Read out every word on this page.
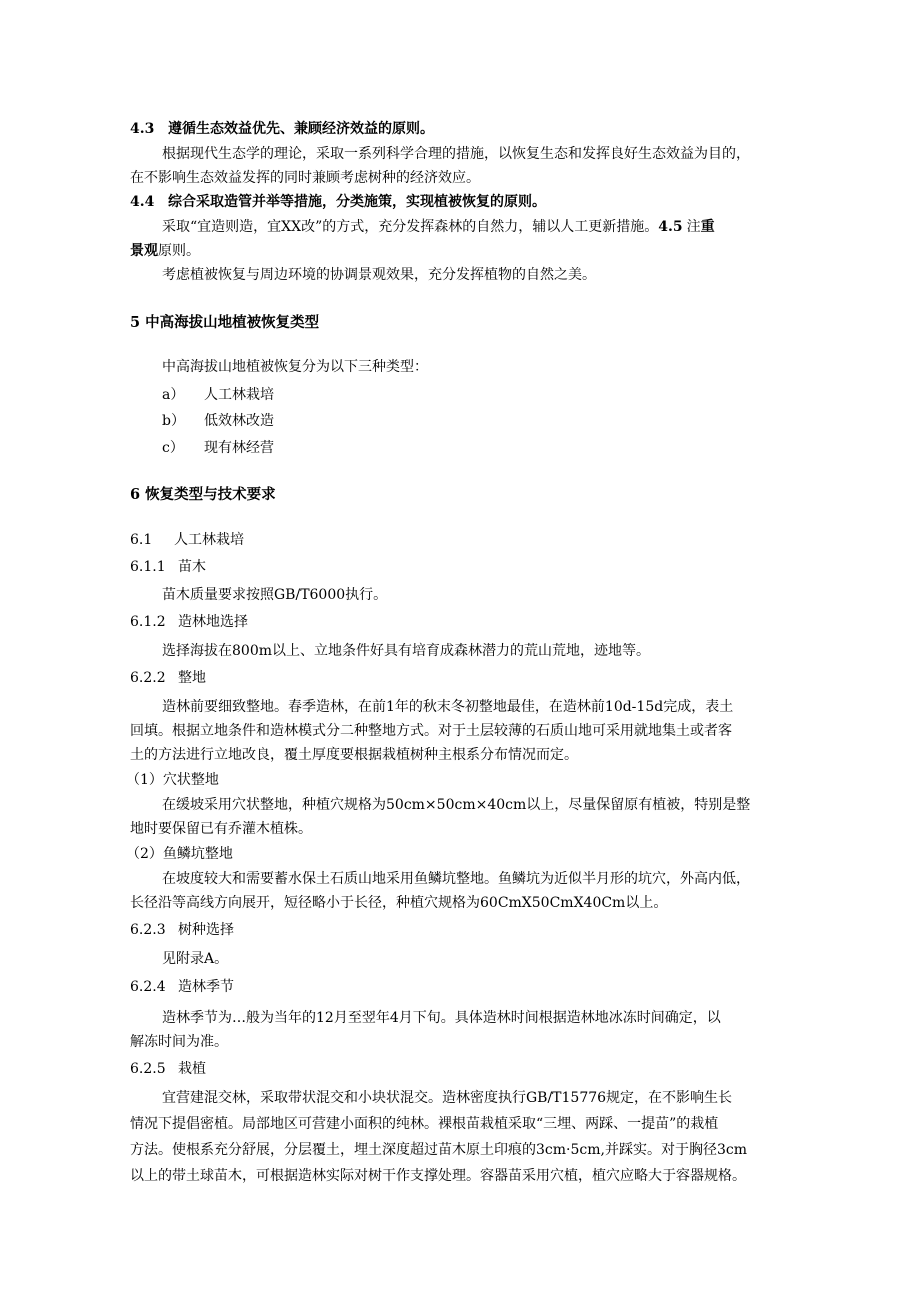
4.3 遵循生态效益优先、兼顾经济效益的原则。

根据现代生态学的理论，采取一系列科学合理的措施，以恢复生态和发挥良好生态效益为目的，

在不影响生态效益发挥的同时兼顾考虑树种的经济效应。

4.4 综合采取造管并举等措施，分类施策，实现植被恢复的原则。

采取“宜造则造，宜XX改”的方式，充分发挥森林的自然力，辅以人工更新措施。4.5 注重

景观原则。

考虑植被恢复与周边环境的协调景观效果，充分发挥植物的自然之美。

5 中高海拔山地植被恢复类型

中高海拔山地植被恢复分为以下三种类型：

a） 人工林栽培
b） 低效林改造
c） 现有林经营
6 恢复类型与技术要求
6.1 人工林栽培
6.1.1 苗木

苗木质量要求按照GB/T6000执行。

6.1.2 造林地选择

选择海拔在800m以上、立地条件好具有培育成森林潜力的荒山荒地，迹地等。

6.2.2 整地

造林前要细致整地。春季造林，在前1年的秋末冬初整地最佳，在造林前10d-15d完成，表土

回填。根据立地条件和造林模式分二种整地方式。对于土层较薄的石质山地可采用就地集土或者客

土的方法进行立地改良，覆土厚度要根据栽植树种主根系分布情况而定。

（1）穴状整地

在缓坡采用穴状整地，种植穴规格为50cm×50cm×40cm以上，尽量保留原有植被，特别是整

地时要保留已有乔灌木植株。

（2）鱼鳞坑整地

在坡度较大和需要蓄水保土石质山地采用鱼鳞坑整地。鱼鳞坑为近似半月形的坑穴，外高内低，

长径沿等高线方向展开，短径略小于长径，种植穴规格为60CmX50CmX40Cm以上。

6.2.3 树种选择

见附录A。

6.2.4 造林季节

造林季节为…般为当年的12月至翌年4月下旬。具体造林时间根据造林地冰冻时间确定，以

解冻时间为准。

6.2.5 栽植

宜营建混交林，采取带状混交和小块状混交。造林密度执行GB/T15776规定，在不影响生长

情况下提倡密植。局部地区可营建小面积的纯林。裸根苗栽植采取“三埋、两踩、一提苗”的栽植

方法。使根系充分舒展，分层覆土，埋土深度超过苗木原土印痕的3cm·5cm,并踩实。对于胸径3cm

以上的带土球苗木，可根据造林实际对树干作支撑处理。容器苗采用穴植，植穴应略大于容器规格。
